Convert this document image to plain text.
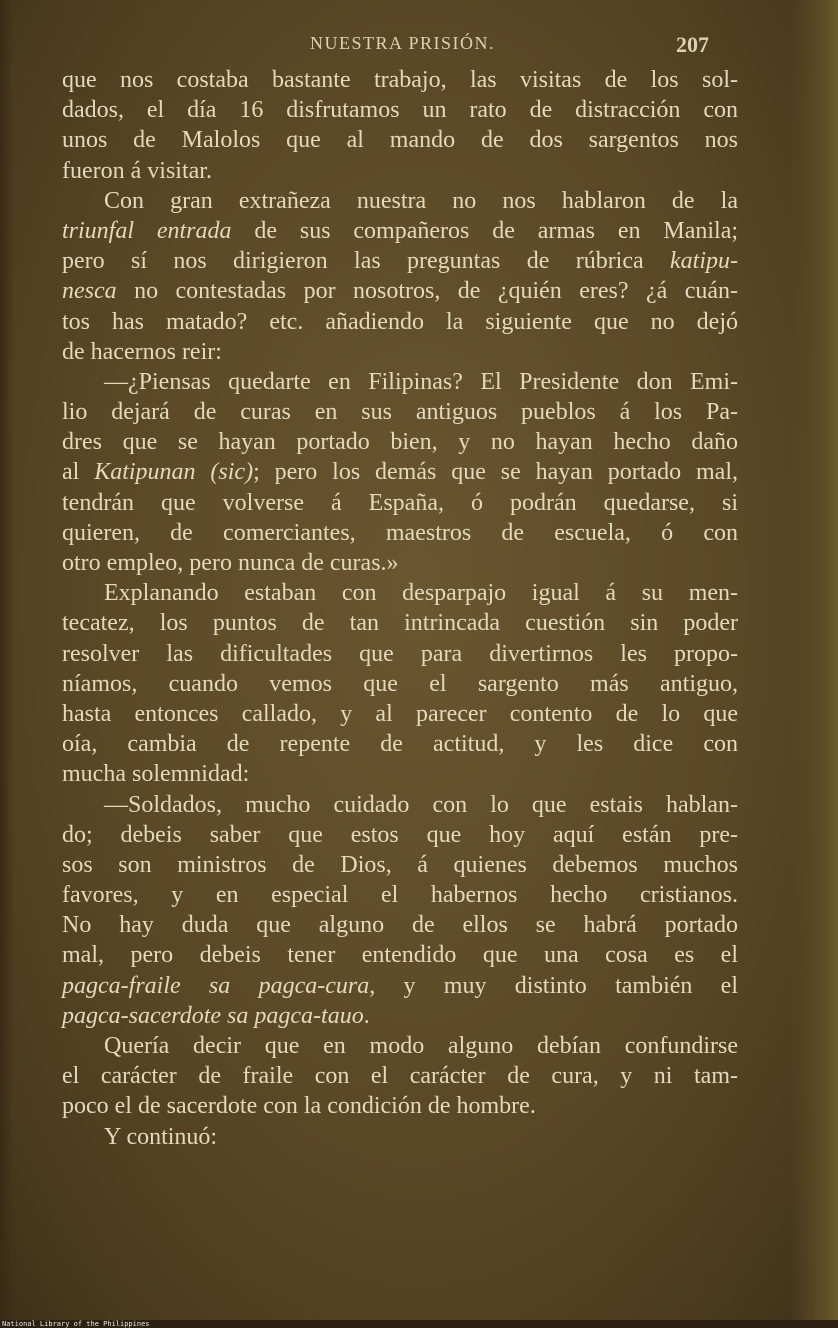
NUESTRA PRISIÓN.	207
que nos costaba bastante trabajo, las visitas de los sol-
dados, el día 16 disfrutamos un rato de distracción con
unos de Malolos que al mando de dos sargentos nos
fueron á visitar.
Con gran extrañeza nuestra no nos hablaron de la
triunfal entrada de sus compañeros de armas en Manila;
pero sí nos dirigieron las preguntas de rúbrica katipu-
nesca no contestadas por nosotros, de ¿quién eres? ¿á cuán-
tos has matado? etc. añadiendo la siguiente que no dejó
de hacernos reir:
—¿Piensas quedarte en Filipinas? El Presidente don Emi-
lio dejará de curas en sus antiguos pueblos á los Pa-
dres que se hayan portado bien, y no hayan hecho daño
al Katipunan (sic); pero los demás que se hayan portado mal,
tendrán que volverse á España, ó podrán quedarse, si
quieren, de comerciantes, maestros de escuela, ó con
otro empleo, pero nunca de curas.»
Explanando estaban con desparpajo igual á su men-
tecatez, los puntos de tan intrincada cuestión sin poder
resolver las dificultades que para divertirnos les propo-
níamos, cuando vemos que el sargento más antiguo,
hasta entonces callado, y al parecer contento de lo que
oía, cambia de repente de actitud, y les dice con
mucha solemnidad:
—Soldados, mucho cuidado con lo que estais hablan-
do; debeis saber que estos que hoy aquí están pre-
sos son ministros de Dios, á quienes debemos muchos
favores, y en especial el habernos hecho cristianos.
No hay duda que alguno de ellos se habrá portado
mal, pero debeis tener entendido que una cosa es el
pagca-fraile sa pagca-cura, y muy distinto también el
pagca-sacerdote sa pagca-tauo.
Quería decir que en modo alguno debían confundirse
el carácter de fraile con el carácter de cura, y ni tam-
poco el de sacerdote con la condición de hombre.
Y continuó:
National Library of the Philippines
